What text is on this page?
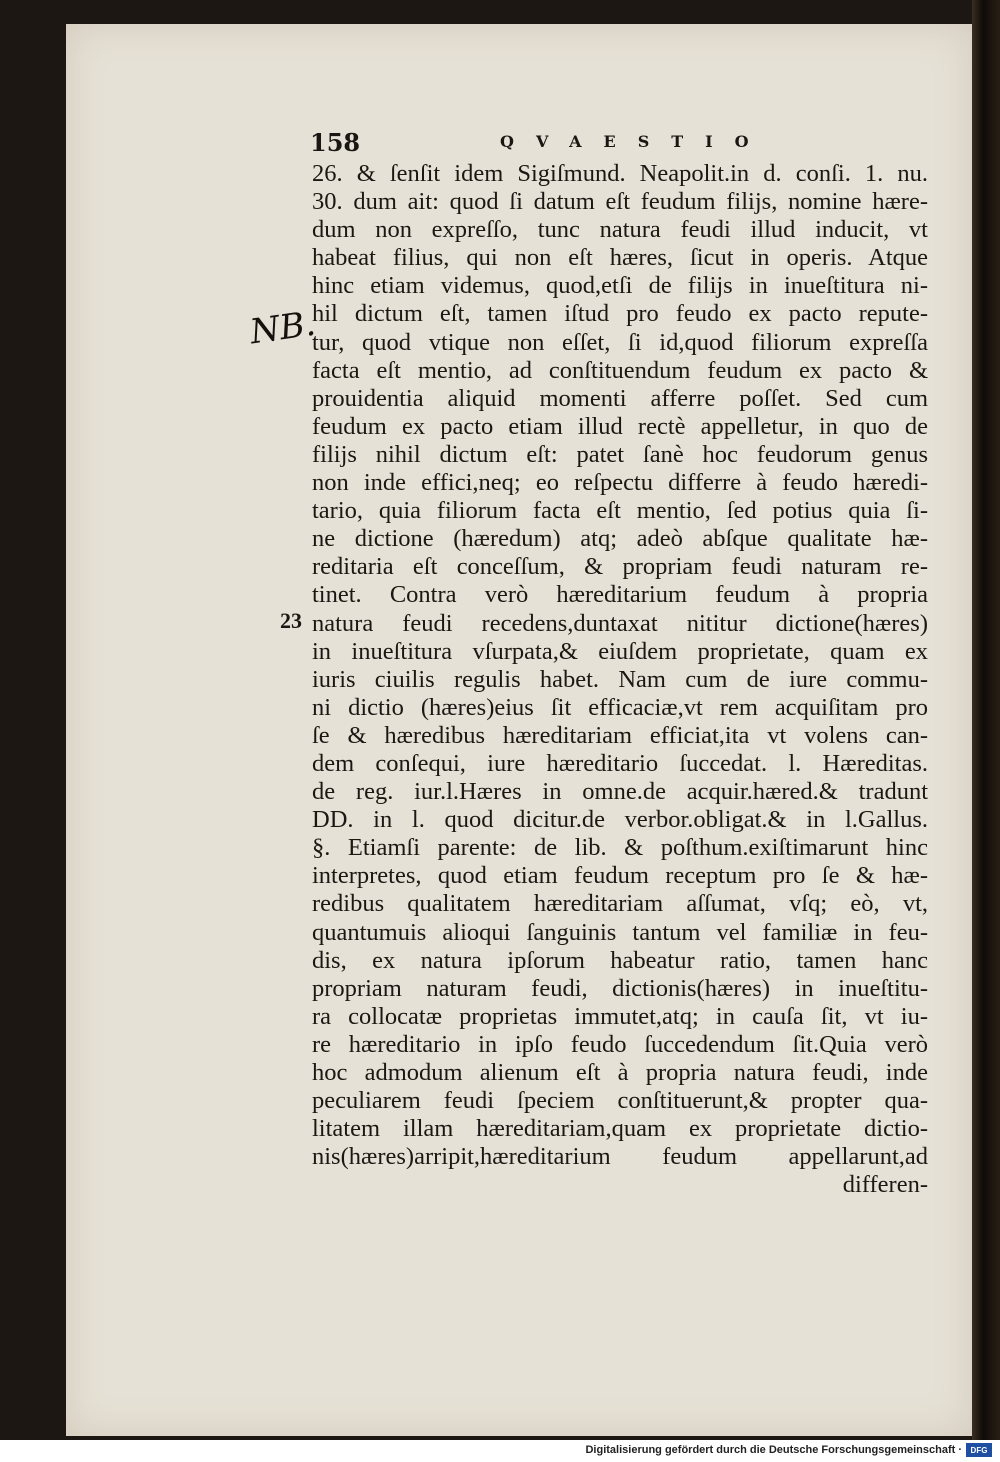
158	QVAESTIO
NB.
23
26. & ſenſit idem Sigiſmund. Neapolit.in d. conſi. 1. nu.
30. dum ait: quod ſi datum eſt feudum filijs, nomine hære-
dum non expreſſo, tunc natura feudi illud inducit, vt
habeat filius, qui non eſt hæres, ſicut in operis. Atque
hinc etiam videmus, quod,etſi de filijs in inueſtitura ni-
hil dictum eſt, tamen iſtud pro feudo ex pacto repute-
tur, quod vtique non eſſet, ſi id,quod filiorum expreſſa
facta eſt mentio, ad conſtituendum feudum ex pacto &
prouidentia aliquid momenti afferre poſſet. Sed cum
feudum ex pacto etiam illud rectè appelletur, in quo de
filijs nihil dictum eſt: patet ſanè hoc feudorum genus
non inde effici,neq; eo reſpectu differre à feudo hæredi-
tario, quia filiorum facta eſt mentio, ſed potius quia ſi-
ne dictione (hæredum) atq; adeò abſque qualitate hæ-
reditaria eſt conceſſum, & propriam feudi naturam re-
tinet. Contra verò hæreditarium feudum à propria
natura feudi recedens,duntaxat nititur dictione(hæres)
in inueſtitura vſurpata,& eiuſdem proprietate, quam ex
iuris ciuilis regulis habet. Nam cum de iure commu-
ni dictio (hæres)eius ſit efficaciæ,vt rem acquiſitam pro
ſe & hæredibus hæreditariam efficiat,ita vt volens can-
dem conſequi, iure hæreditario ſuccedat. l. Hæreditas.
de reg. iur.l.Hæres in omne.de acquir.hæred.& tradunt
DD. in l. quod dicitur.de verbor.obligat.& in l.Gallus.
§. Etiamſi parente: de lib. & poſthum.exiſtimarunt hinc
interpretes, quod etiam feudum receptum pro ſe & hæ-
redibus qualitatem hæreditariam aſſumat, vſq; eò, vt,
quantumuis alioqui ſanguinis tantum vel familiæ in feu-
dis, ex natura ipſorum habeatur ratio, tamen hanc
propriam naturam feudi, dictionis(hæres) in inueſtitu-
ra collocatæ proprietas immutet,atq; in cauſa ſit, vt iu-
re hæreditario in ipſo feudo ſuccedendum ſit.Quia verò
hoc admodum alienum eſt à propria natura feudi, inde
peculiarem feudi ſpeciem conſtituerunt,& propter qua-
litatem illam hæreditariam,quam ex proprietate dictio-
nis(hæres)arripit,hæreditarium feudum appellarunt,ad
differen-
Digitalisierung gefördert durch die Deutsche Forschungsgemeinschaft ·	DFG
